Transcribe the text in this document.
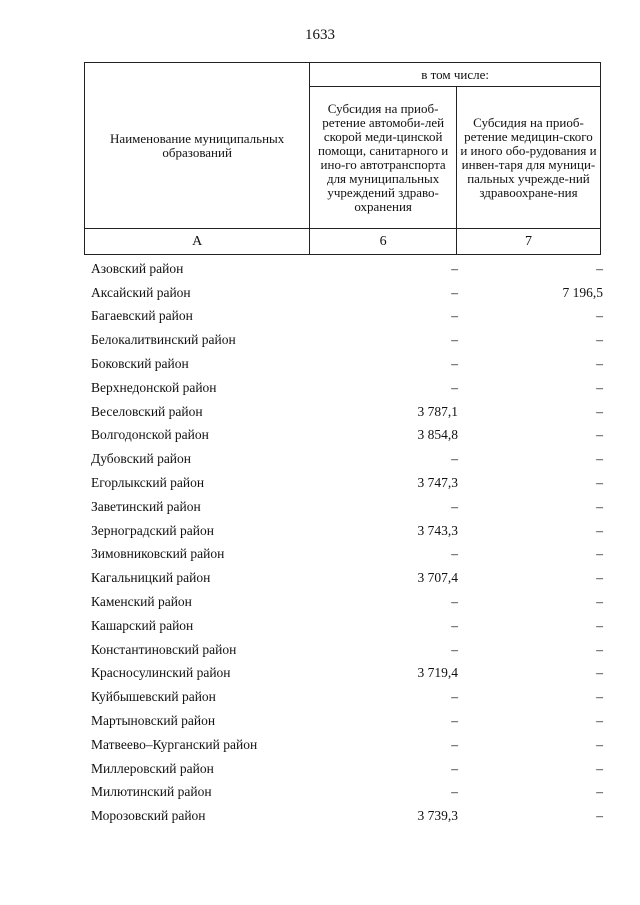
1633
Наименование муниципальных образований	в том числе:	
	Субсидия на приоб-ретение автомоби-лей скорой меди-цинской помощи, санитарного и ино-го автотранспорта для муниципальных учреждений здраво-охранения	Субсидия на приоб-ретение медицин-ского и иного обо-рудования и инвен-таря для муници-пальных учрежде-ний здравоохране-ния
А	6	7
Азовский район	–	–
Аксайский район	–	7 196,5
Багаевский район	–	–
Белокалитвинский район	–	–
Боковский район	–	–
Верхнедонской район	–	–
Веселовский район	3 787,1	–
Волгодонской район	3 854,8	–
Дубовский район	–	–
Егорлыкский район	3 747,3	–
Заветинский район	–	–
Зерноградский район	3 743,3	–
Зимовниковский район	–	–
Кагальницкий район	3 707,4	–
Каменский район	–	–
Кашарский район	–	–
Константиновский район	–	–
Красносулинский район	3 719,4	–
Куйбышевский район	–	–
Мартыновский район	–	–
Матвеево–Курганский район	–	–
Миллеровский район	–	–
Милютинский район	–	–
Морозовский район	3 739,3	–
